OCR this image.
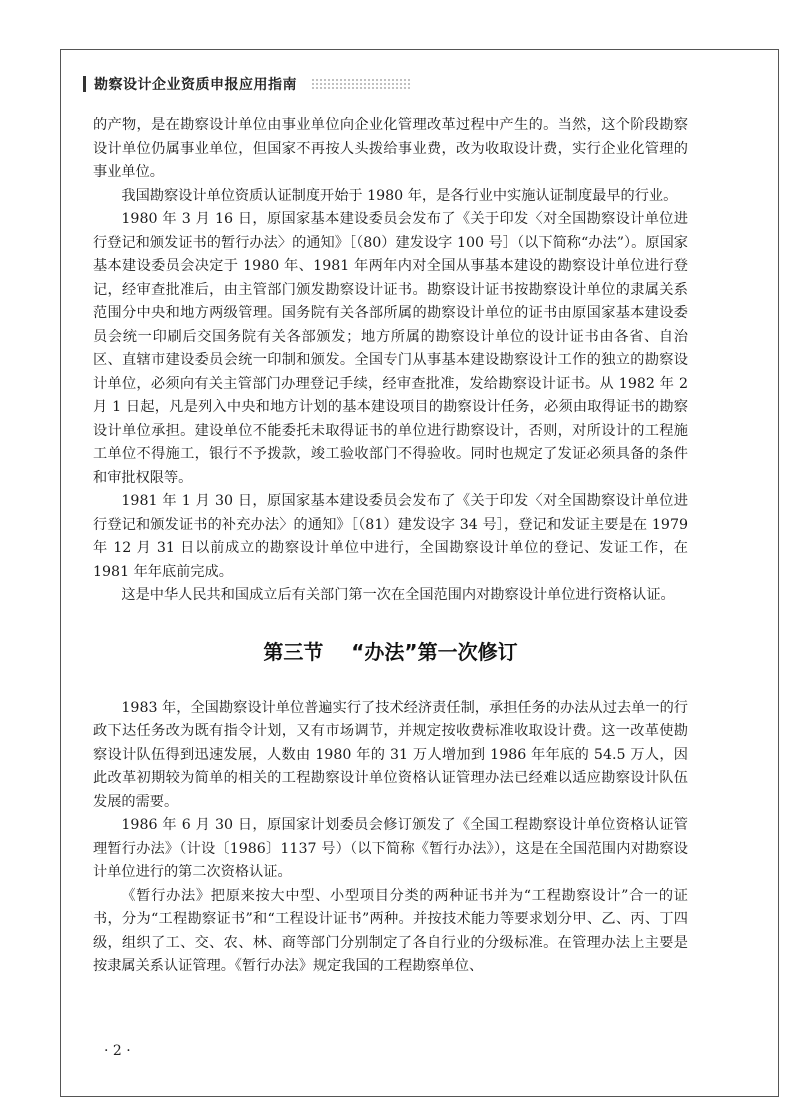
勘察设计企业资质申报应用指南

的产物，是在勘察设计单位由事业单位向企业化管理改革过程中产生的。当然，这个阶段勘察设计单位仍属事业单位，但国家不再按人头拨给事业费，改为收取设计费，实行企业化管理的事业单位。

我国勘察设计单位资质认证制度开始于 1980 年，是各行业中实施认证制度最早的行业。

1980 年 3 月 16 日，原国家基本建设委员会发布了《关于印发〈对全国勘察设计单位进行登记和颁发证书的暂行办法〉的通知》［（80）建发设字 100 号］（以下简称“办法”）。原国家基本建设委员会决定于 1980 年、1981 年两年内对全国从事基本建设的勘察设计单位进行登记，经审查批准后，由主管部门颁发勘察设计证书。勘察设计证书按勘察设计单位的隶属关系范围分中央和地方两级管理。国务院有关各部所属的勘察设计单位的证书由原国家基本建设委员会统一印刷后交国务院有关各部颁发；地方所属的勘察设计单位的设计证书由各省、自治区、直辖市建设委员会统一印制和颁发。全国专门从事基本建设勘察设计工作的独立的勘察设计单位，必须向有关主管部门办理登记手续，经审查批准，发给勘察设计证书。从 1982 年 2 月 1 日起，凡是列入中央和地方计划的基本建设项目的勘察设计任务，必须由取得证书的勘察设计单位承担。建设单位不能委托未取得证书的单位进行勘察设计，否则，对所设计的工程施工单位不得施工，银行不予拨款，竣工验收部门不得验收。同时也规定了发证必须具备的条件和审批权限等。

1981 年 1 月 30 日，原国家基本建设委员会发布了《关于印发〈对全国勘察设计单位进行登记和颁发证书的补充办法〉的通知》［（81）建发设字 34 号］，登记和发证主要是在 1979 年 12 月 31 日以前成立的勘察设计单位中进行，全国勘察设计单位的登记、发证工作，在 1981 年年底前完成。

这是中华人民共和国成立后有关部门第一次在全国范围内对勘察设计单位进行资格认证。

第三节 “办法”第一次修订

1983 年，全国勘察设计单位普遍实行了技术经济责任制，承担任务的办法从过去单一的行政下达任务改为既有指令计划，又有市场调节，并规定按收费标准收取设计费。这一改革使勘察设计队伍得到迅速发展，人数由 1980 年的 31 万人增加到 1986 年年底的 54.5 万人，因此改革初期较为简单的相关的工程勘察设计单位资格认证管理办法已经难以适应勘察设计队伍发展的需要。

1986 年 6 月 30 日，原国家计划委员会修订颁发了《全国工程勘察设计单位资格认证管理暂行办法》（计设〔1986〕1137 号）（以下简称《暂行办法》），这是在全国范围内对勘察设计单位进行的第二次资格认证。

《暂行办法》把原来按大中型、小型项目分类的两种证书并为“工程勘察设计”合一的证书，分为“工程勘察证书”和“工程设计证书”两种。并按技术能力等要求划分甲、乙、丙、丁四级，组织了工、交、农、林、商等部门分别制定了各自行业的分级标准。在管理办法上主要是按隶属关系认证管理。《暂行办法》规定我国的工程勘察单位、

· 2 ·
